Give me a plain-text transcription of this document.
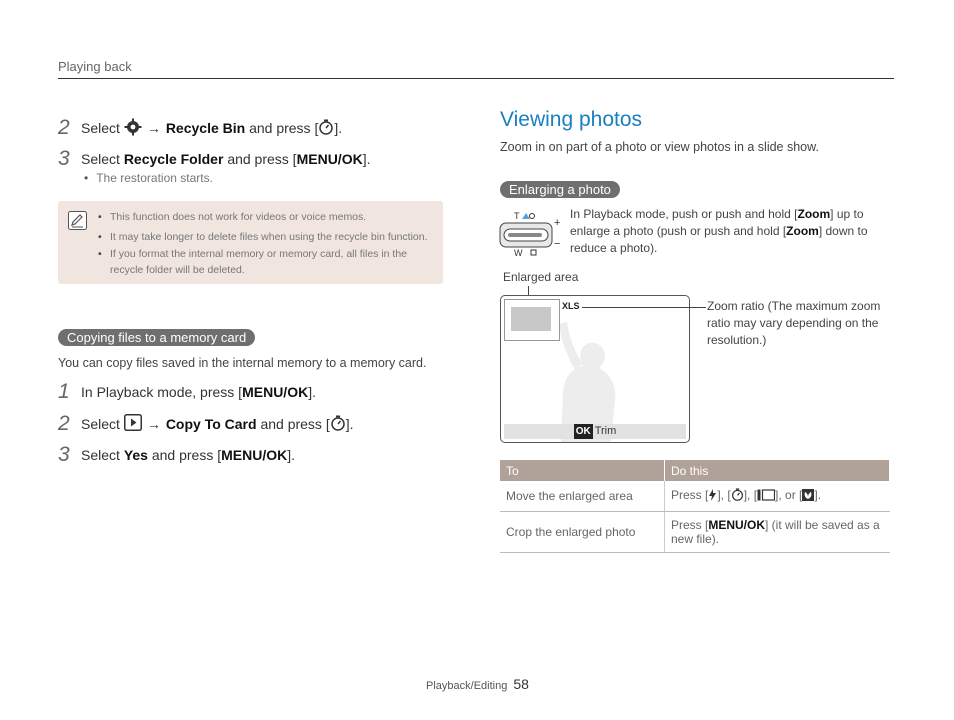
Playing back
2 Select
→ Recycle Bin
and press [ ].
3 Select
Recycle Folder
and press [ MENU/OK ].
• The restoration starts.
• This function does not work for videos or voice memos.
• It may take longer to delete files when using the recycle bin function.
• If you format the internal memory or memory card, all files in the recycle folder will be deleted.
Copying files to a memory card
You can copy files saved in the internal memory to a memory card.
1 In Playback mode, press [ MENU/OK ].
2 Select
→ Copy To Card
and press [ ].
3 Select
Yes
and press [ MENU/OK ].
Viewing photos
Zoom in on part of a photo or view photos in a slide show.
Enlarging a photo
T
W
+
−
In Playback mode, push or push and hold [Zoom] up to enlarge a photo (push or push and hold [Zoom] down to reduce a photo).
Enlarged area
XLS
OK Trim
Zoom ratio (The maximum zoom ratio may vary depending on the resolution.)
To	Do this
Move the enlarged area	Press [ ], [ ], [ ], or [ ].
Crop the enlarged photo	Press [MENU/OK] (it will be saved as a new file).
Playback/Editing 58
